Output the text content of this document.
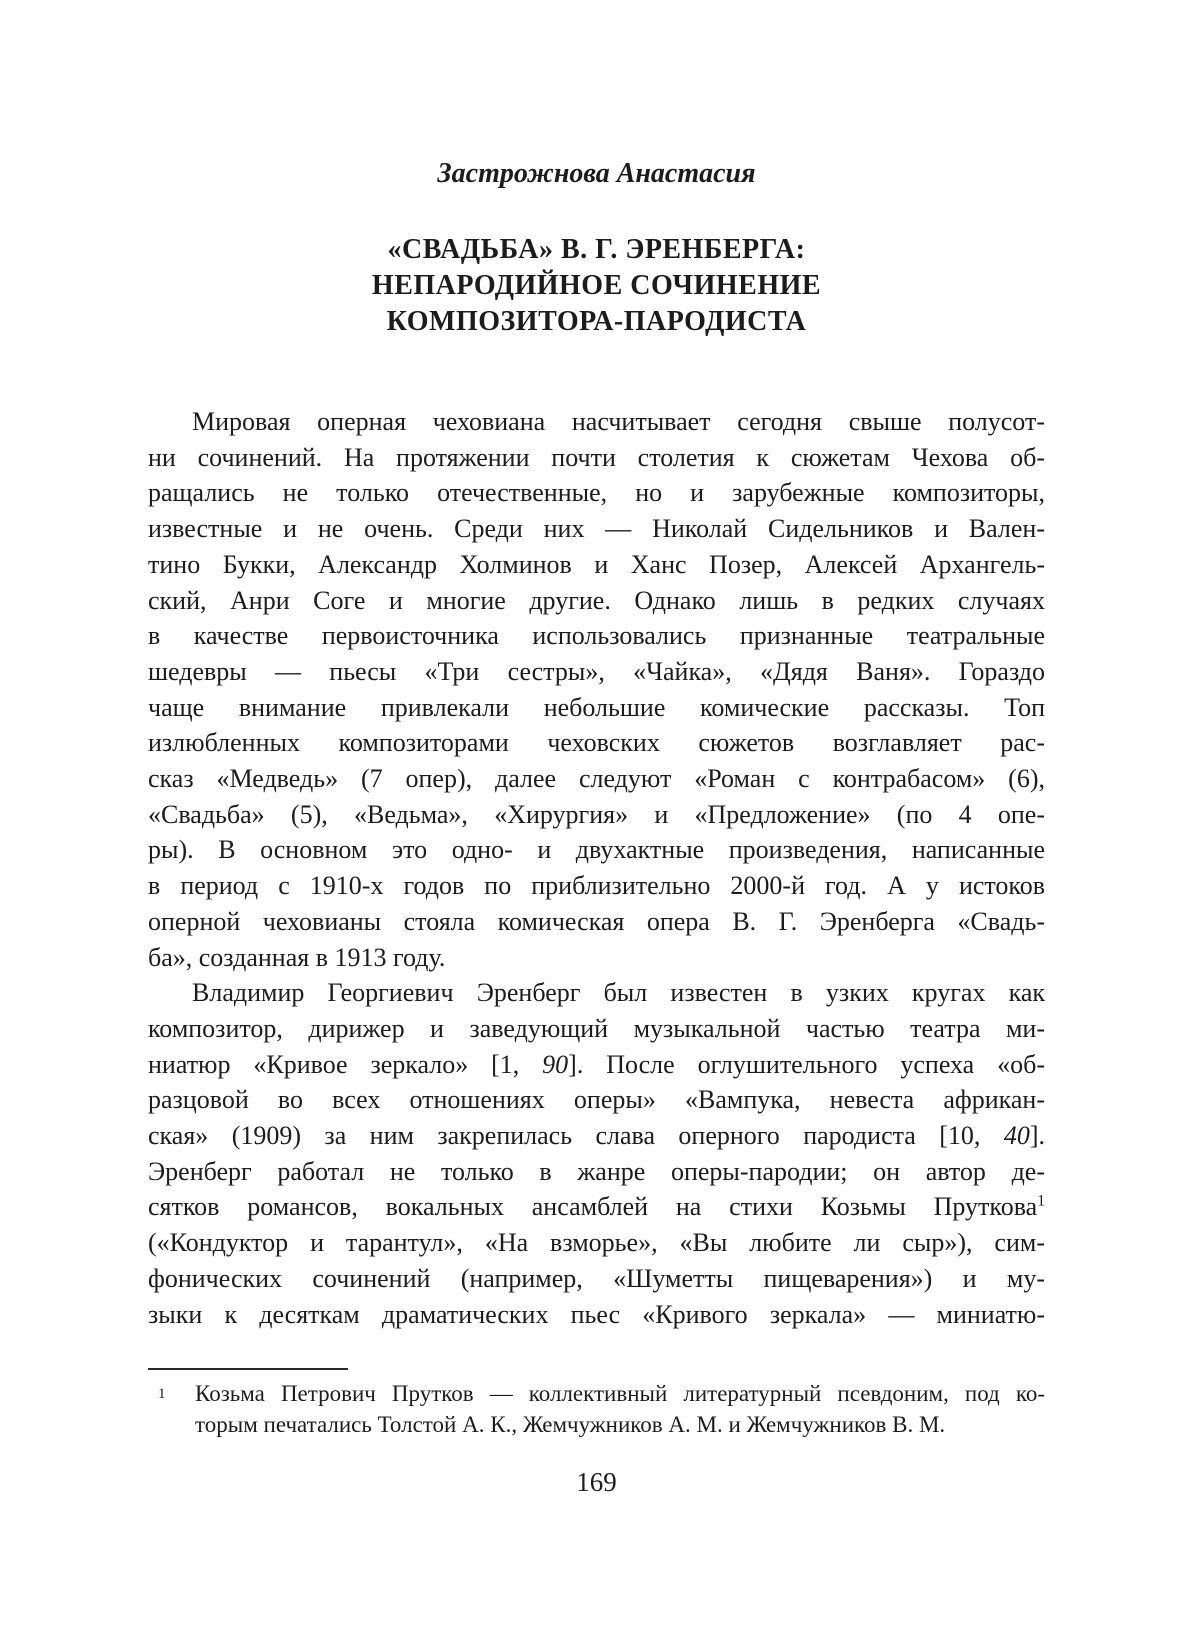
Застрожнова Анастасия
«СВАДЬБА» В. Г. ЭРЕНБЕРГА:
НЕПАРОДИЙНОЕ СОЧИНЕНИЕ
КОМПОЗИТОРА-ПАРОДИСТА
Мировая оперная чеховиана насчитывает сегодня свыше полусот-
ни сочинений. На протяжении почти столетия к сюжетам Чехова об-
ращались не только отечественные, но и зарубежные композиторы,
известные и не очень. Среди них — Николай Сидельников и Вален-
тино Букки, Александр Холминов и Ханс Позер, Алексей Архангель-
ский, Анри Соге и многие другие. Однако лишь в редких случаях
в качестве первоисточника использовались признанные театральные
шедевры — пьесы «Три сестры», «Чайка», «Дядя Ваня». Гораздо
чаще внимание привлекали небольшие комические рассказы. Топ
излюбленных композиторами чеховских сюжетов возглавляет рас-
сказ «Медведь» (7 опер), далее следуют «Роман с контрабасом» (6),
«Свадьба» (5), «Ведьма», «Хирургия» и «Предложение» (по 4 опе-
ры). В основном это одно- и двухактные произведения, написанные
в период с 1910-х годов по приблизительно 2000-й год. А у истоков
оперной чеховианы стояла комическая опера В. Г. Эренберга «Свадь-
ба», созданная в 1913 году.
Владимир Георгиевич Эренберг был известен в узких кругах как
композитор, дирижер и заведующий музыкальной частью театра ми-
ниатюр «Кривое зеркало» [1, 90]. После оглушительного успеха «об-
разцовой во всех отношениях оперы» «Вампука, невеста африкан-
ская» (1909) за ним закрепилась слава оперного пародиста [10, 40].
Эренберг работал не только в жанре оперы-пародии; он автор де-
сятков романсов, вокальных ансамблей на стихи Козьмы Пруткова$^1$
(«Кондуктор и тарантул», «На взморье», «Вы любите ли сыр»), сим-
фонических сочинений (например, «Шуметты пищеварения») и му-
зыки к десяткам драматических пьес «Кривого зеркала» — миниатю-
1 Козьма Петрович Прутков — коллективный литературный псевдоним, под ко-
торым печатались Толстой А. К., Жемчужников А. М. и Жемчужников В. М.
169
